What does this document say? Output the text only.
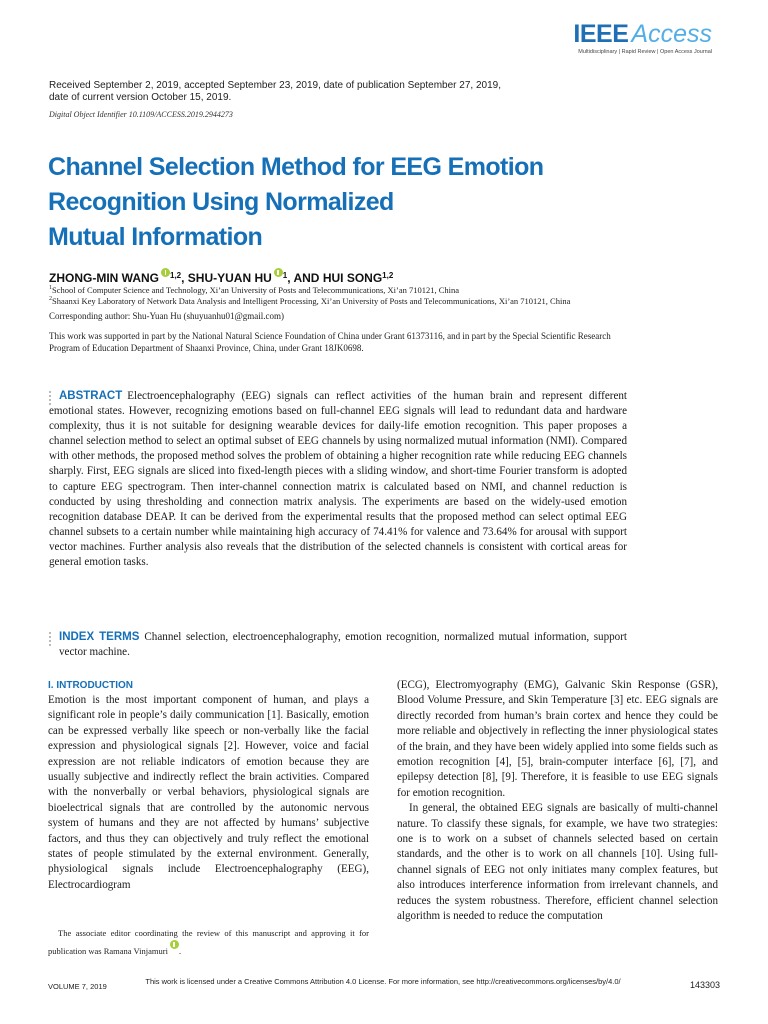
IEEE Access
Multidisciplinary | Rapid Review | Open Access Journal
Received September 2, 2019, accepted September 23, 2019, date of publication September 27, 2019, date of current version October 15, 2019.
Digital Object Identifier 10.1109/ACCESS.2019.2944273
Channel Selection Method for EEG Emotion
Recognition Using Normalized
Mutual Information
ZHONG-MIN WANG $^{1,2}$, SHU-YUAN HU $^1$, AND HUI SONG$^{1,2}$
$^1$School of Computer Science and Technology, Xi’an University of Posts and Telecommunications, Xi’an 710121, China
$^2$Shaanxi Key Laboratory of Network Data Analysis and Intelligent Processing, Xi’an University of Posts and Telecommunications, Xi’an 710121, China
Corresponding author: Shu-Yuan Hu (shuyuanhu01@gmail.com)
This work was supported in part by the National Natural Science Foundation of China under Grant 61373116, and in part by the Special Scientific Research Program of Education Department of Shaanxi Province, China, under Grant 18JK0698.
ABSTRACT Electroencephalography (EEG) signals can reflect activities of the human brain and represent different emotional states. However, recognizing emotions based on full-channel EEG signals will lead to redundant data and hardware complexity, thus it is not suitable for designing wearable devices for daily-life emotion recognition. This paper proposes a channel selection method to select an optimal subset of EEG channels by using normalized mutual information (NMI). Compared with other methods, the proposed method solves the problem of obtaining a higher recognition rate while reducing EEG channels sharply. First, EEG signals are sliced into fixed-length pieces with a sliding window, and short-time Fourier transform is adopted to capture EEG spectrogram. Then inter-channel connection matrix is calculated based on NMI, and channel reduction is conducted by using thresholding and connection matrix analysis. The experiments are based on the widely-used emotion recognition database DEAP. It can be derived from the experimental results that the proposed method can select optimal EEG channel subsets to a certain number while maintaining high accuracy of 74.41% for valence and 73.64% for arousal with support vector machines. Further analysis also reveals that the distribution of the selected channels is consistent with cortical areas for general emotion tasks.
INDEX TERMS Channel selection, electroencephalography, emotion recognition, normalized mutual information, support vector machine.
I. INTRODUCTION
Emotion is the most important component of human, and plays a significant role in people’s daily communication [1]. Basically, emotion can be expressed verbally like speech or non-verbally like the facial expression and physiological signals [2]. However, voice and facial expression are not reliable indicators of emotion because they are usually subjective and indirectly reflect the brain activities. Compared with the nonverbally or verbal behaviors, physiological signals are bioelectrical signals that are controlled by the autonomic nervous system of humans and they are not affected by humans’ subjective factors, and thus they can objectively and truly reflect the emotional states of people stimulated by the external environment. Generally, physiological signals include Electroencephalography (EEG), Electrocardiogram
(ECG), Electromyography (EMG), Galvanic Skin Response (GSR), Blood Volume Pressure, and Skin Temperature [3] etc. EEG signals are directly recorded from human’s brain cortex and hence they could be more reliable and objectively in reflecting the inner physiological states of the brain, and they have been widely applied into some fields such as emotion recognition [4], [5], brain-computer interface [6], [7], and epilepsy detection [8], [9]. Therefore, it is feasible to use EEG signals for emotion recognition.
In general, the obtained EEG signals are basically of multi-channel nature. To classify these signals, for example, we have two strategies: one is to work on a subset of channels selected based on certain standards, and the other is to work on all channels [10]. Using full-channel signals of EEG not only initiates many complex features, but also introduces interference information from irrelevant channels, and reduces the system robustness. Therefore, efficient channel selection algorithm is needed to reduce the computation
The associate editor coordinating the review of this manuscript and approving it for publication was Ramana Vinjamuri .
VOLUME 7, 2019
This work is licensed under a Creative Commons Attribution 4.0 License. For more information, see http://creativecommons.org/licenses/by/4.0/	143303
